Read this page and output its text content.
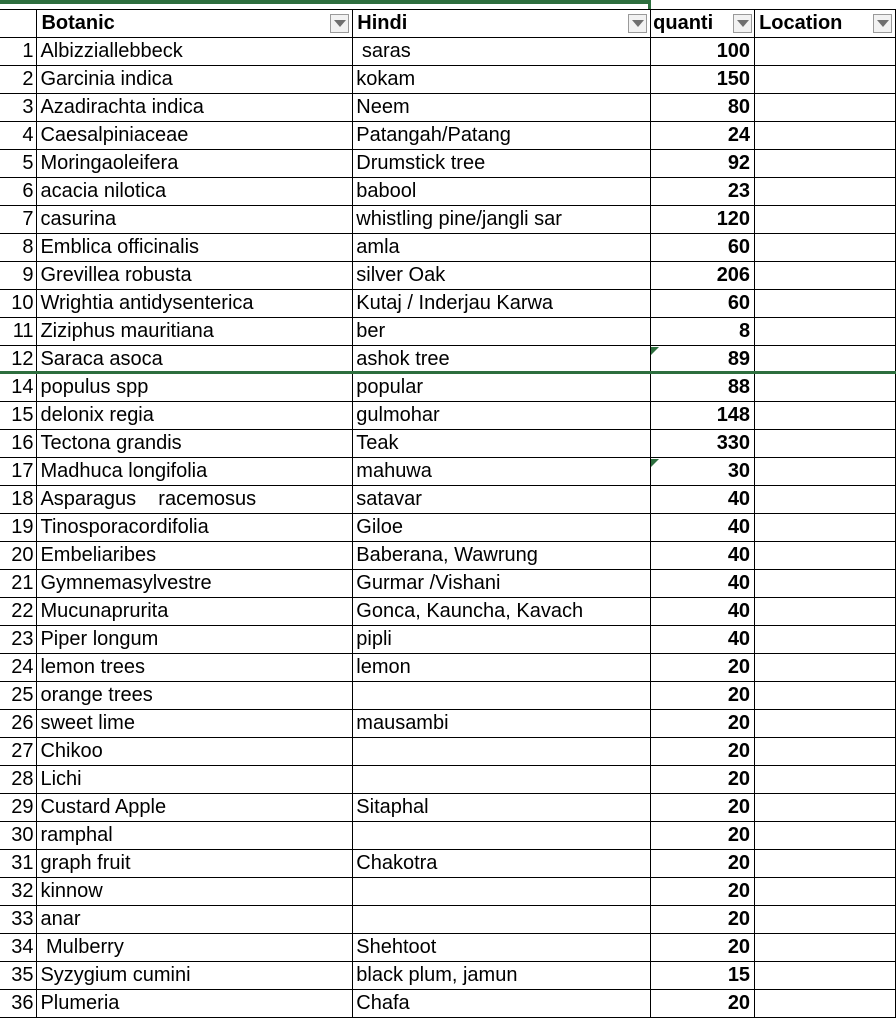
	Botanic	Hindi	quanti	Location

1	Albizziallebbeck	saras	100	
2	Garcinia indica	kokam	150	
3	Azadirachta indica	Neem	80	
4	Caesalpiniaceae	Patangah/Patang	24	
5	Moringaoleifera	Drumstick tree	92	
6	acacia nilotica	babool	23	
7	casurina	whistling pine/jangli sar	120	
8	Emblica officinalis	amla	60	
9	Grevillea robusta	silver Oak	206	
10	Wrightia antidysenterica	Kutaj / Inderjau Karwa	60	
11	Ziziphus mauritiana	ber	8	
12	Saraca asoca	ashok tree	89	
14	populus spp	popular	88	
15	delonix regia	gulmohar	148	
16	Tectona grandis	Teak	330	
17	Madhuca longifolia	mahuwa	30	
18	Asparagus    racemosus	satavar	40	
19	Tinosporacordifolia	Giloe	40	
20	Embeliaribes	Baberana, Wawrung	40	
21	Gymnemasylvestre	Gurmar /Vishani	40	
22	Mucunaprurita	Gonca, Kauncha, Kavach	40	
23	Piper longum	pipli	40	
24	lemon trees	lemon	20	
25	orange trees		20	
26	sweet lime	mausambi	20	
27	Chikoo		20	
28	Lichi		20	
29	Custard Apple	Sitaphal	20	
30	ramphal		20	
31	graph fruit	Chakotra	20	
32	kinnow		20	
33	anar		20	
34	Mulberry	Shehtoot	20	
35	Syzygium cumini	black plum, jamun	15	
36	Plumeria	Chafa	20	
